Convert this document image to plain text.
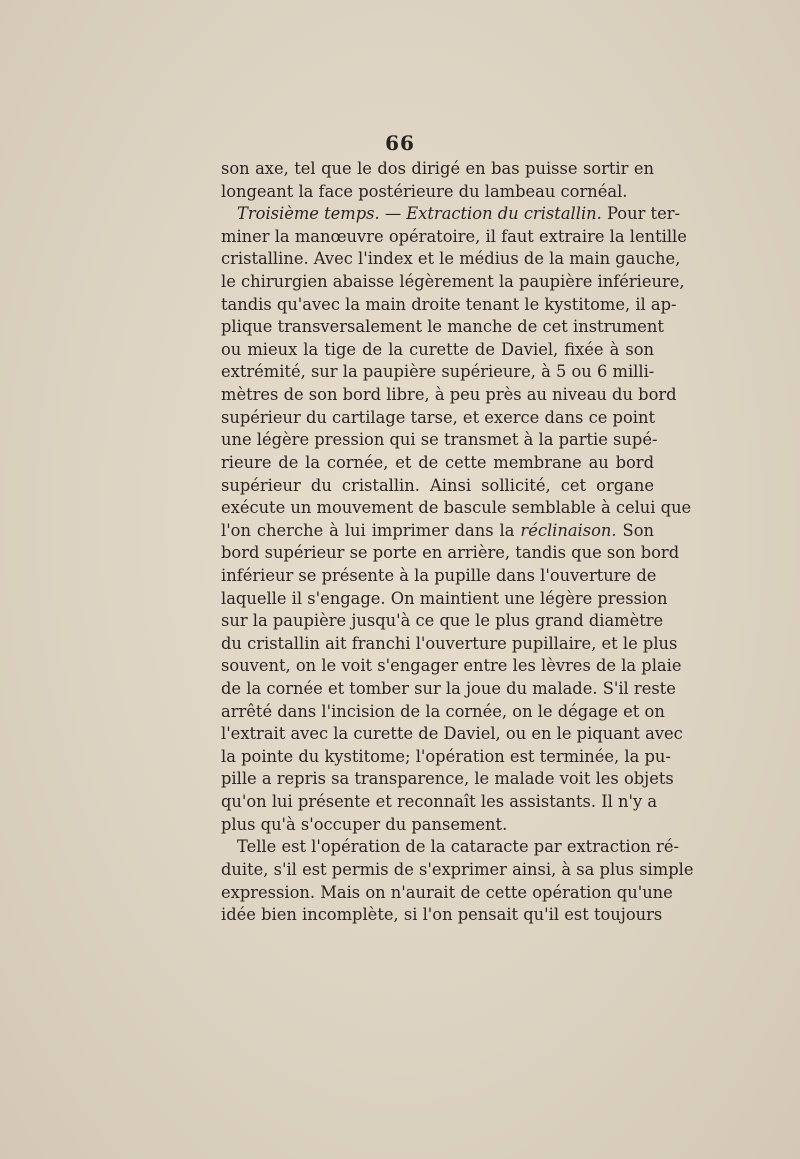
66
son axe, tel que le dos dirigé en bas puisse sortir en
longeant la face postérieure du lambeau cornéal.
Troisième temps. — Extraction du cristallin. Pour ter-
miner la manœuvre opératoire, il faut extraire la lentille
cristalline. Avec l'index et le médius de la main gauche,
le chirurgien abaisse légèrement la paupière inférieure,
tandis qu'avec la main droite tenant le kystitome, il ap-
plique transversalement le manche de cet instrument
ou mieux la tige de la curette de Daviel, fixée à son
extrémité, sur la paupière supérieure, à 5 ou 6 milli-
mètres de son bord libre, à peu près au niveau du bord
supérieur du cartilage tarse, et exerce dans ce point
une légère pression qui se transmet à la partie supé-
rieure de la cornée, et de cette membrane au bord
supérieur du cristallin. Ainsi sollicité, cet organe
exécute un mouvement de bascule semblable à celui que
l'on cherche à lui imprimer dans la réclinaison. Son
bord supérieur se porte en arrière, tandis que son bord
inférieur se présente à la pupille dans l'ouverture de
laquelle il s'engage. On maintient une légère pression
sur la paupière jusqu'à ce que le plus grand diamètre
du cristallin ait franchi l'ouverture pupillaire, et le plus
souvent, on le voit s'engager entre les lèvres de la plaie
de la cornée et tomber sur la joue du malade. S'il reste
arrêté dans l'incision de la cornée, on le dégage et on
l'extrait avec la curette de Daviel, ou en le piquant avec
la pointe du kystitome; l'opération est terminée, la pu-
pille a repris sa transparence, le malade voit les objets
qu'on lui présente et reconnaît les assistants. Il n'y a
plus qu'à s'occuper du pansement.
Telle est l'opération de la cataracte par extraction ré-
duite, s'il est permis de s'exprimer ainsi, à sa plus simple
expression. Mais on n'aurait de cette opération qu'une
idée bien incomplète, si l'on pensait qu'il est toujours
